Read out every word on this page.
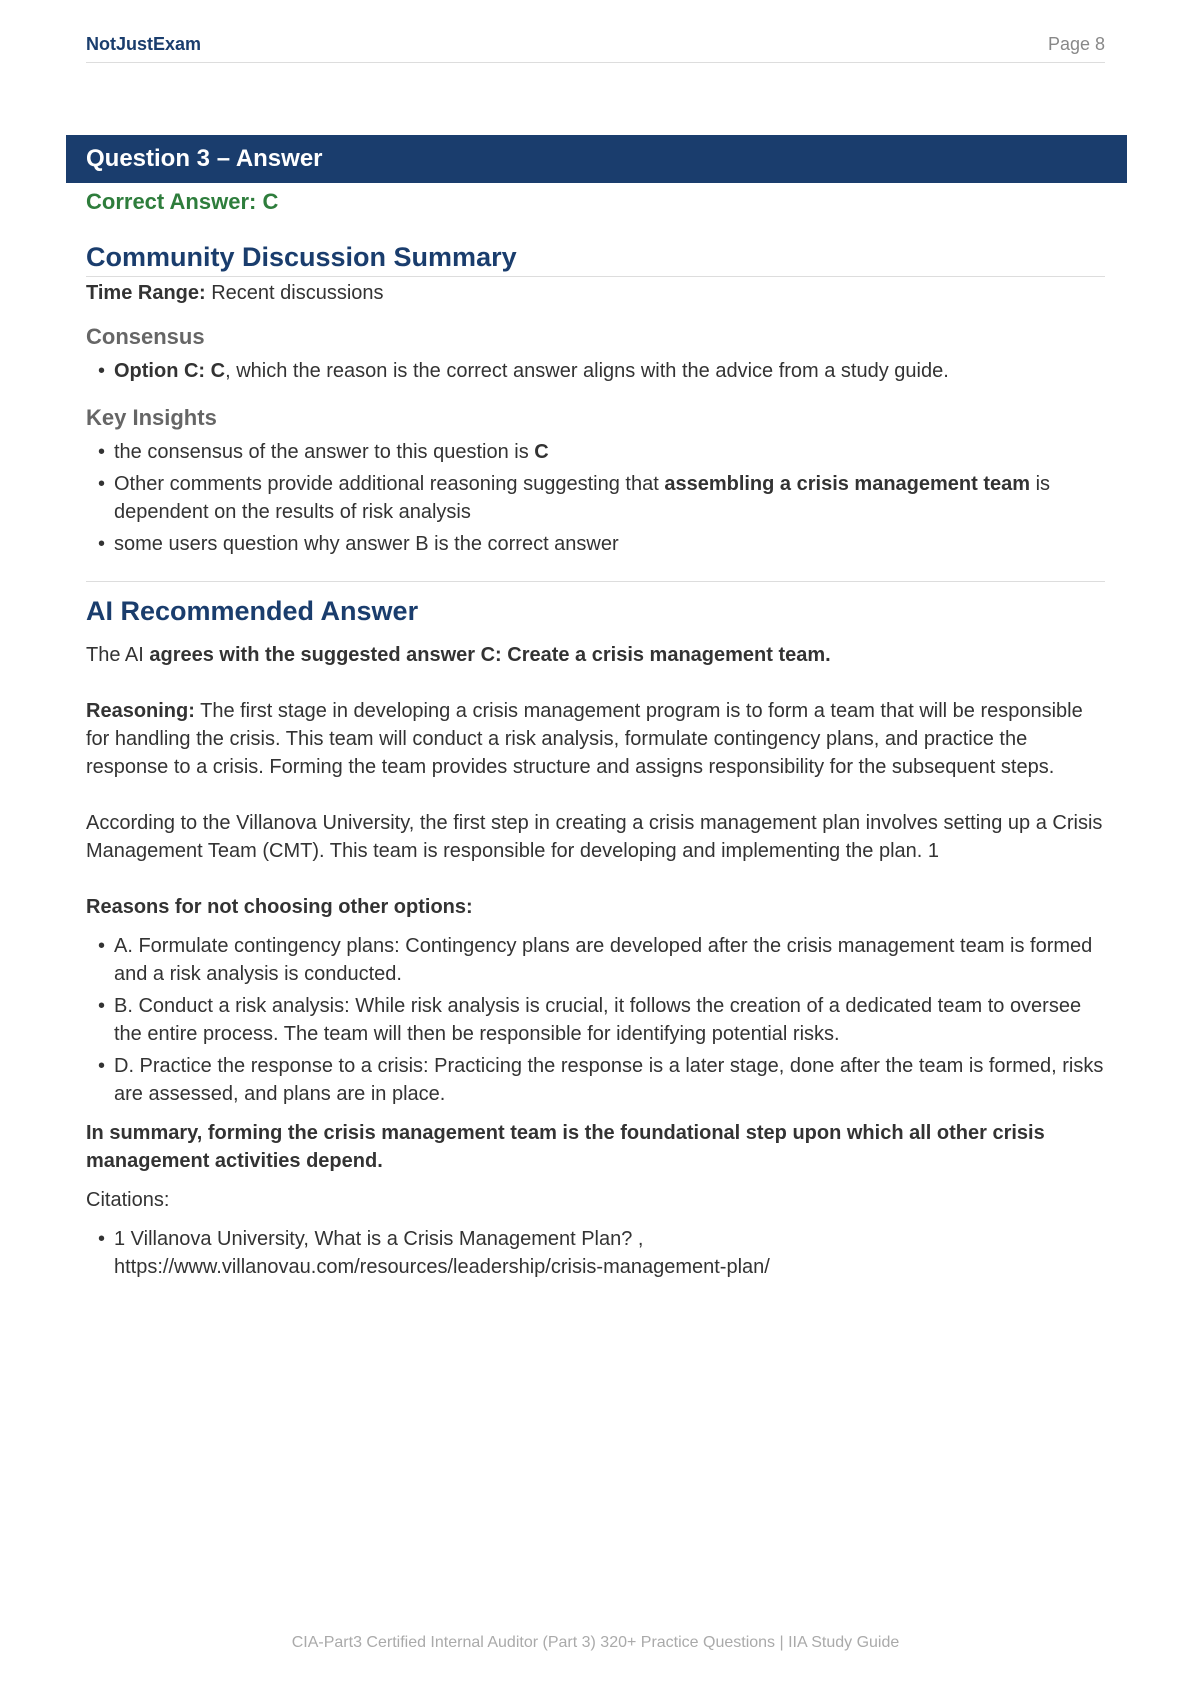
NotJustExam	Page 8
Question 3 – Answer

Correct Answer: C

Community Discussion Summary

Time Range: Recent discussions

Consensus
• Option C: C, which the reason is the correct answer aligns with the advice from a study guide.
Key Insights
• the consensus of the answer to this question is C
• Other comments provide additional reasoning suggesting that assembling a crisis management team is dependent on the results of risk analysis
• some users question why answer B is the correct answer
AI Recommended Answer

The AI agrees with the suggested answer C: Create a crisis management team.

Reasoning: The first stage in developing a crisis management program is to form a team that will be responsible for handling the crisis. This team will conduct a risk analysis, formulate contingency plans, and practice the response to a crisis. Forming the team provides structure and assigns responsibility for the subsequent steps.

According to the Villanova University, the first step in creating a crisis management plan involves setting up a Crisis Management Team (CMT). This team is responsible for developing and implementing the plan. 1

Reasons for not choosing other options:

• A. Formulate contingency plans: Contingency plans are developed after the crisis management team is formed and a risk analysis is conducted.
• B. Conduct a risk analysis: While risk analysis is crucial, it follows the creation of a dedicated team to oversee the entire process. The team will then be responsible for identifying potential risks.
• D. Practice the response to a crisis: Practicing the response is a later stage, done after the team is formed, risks are assessed, and plans are in place.

In summary, forming the crisis management team is the foundational step upon which all other crisis management activities depend.

Citations:

• 1 Villanova University, What is a Crisis Management Plan? , https://www.villanovau.com/resources/leadership/crisis-management-plan/
CIA-Part3 Certified Internal Auditor (Part 3) 320+ Practice Questions | IIA Study Guide
